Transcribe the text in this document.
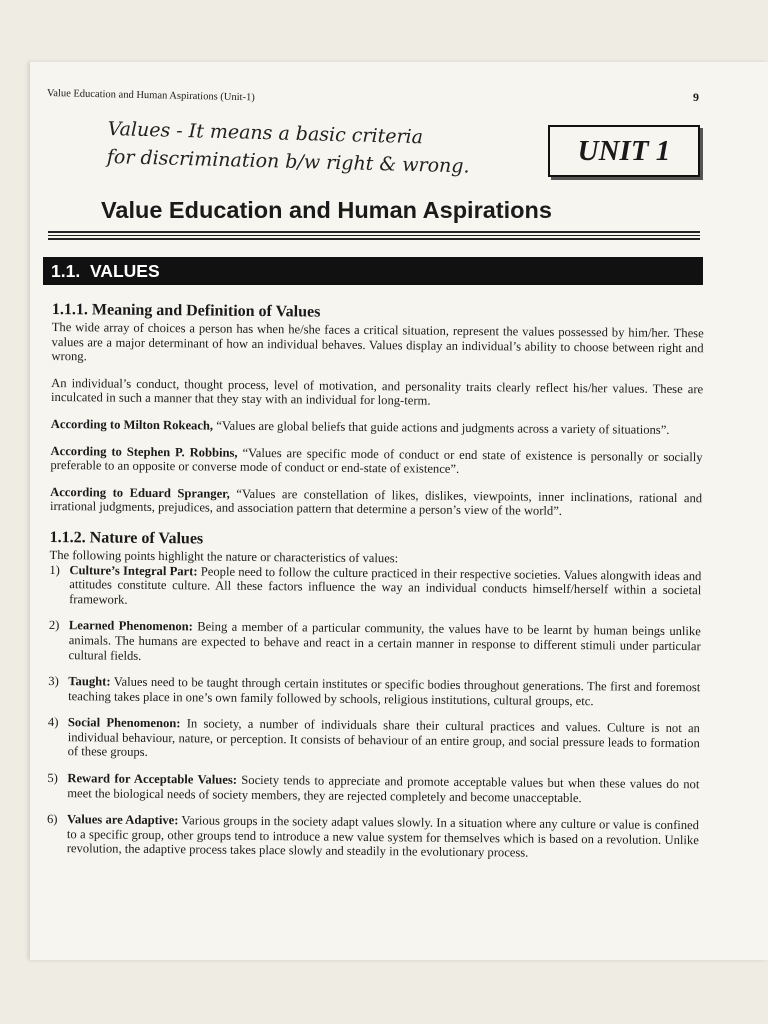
Value Education and Human Aspirations (Unit-1)	9
Values - It means a basic criteria
for discrimination b/w right & wrong.	UNIT 1
Value Education and Human Aspirations
1.1. VALUES
1.1.1. Meaning and Definition of Values

The wide array of choices a person has when he/she faces a critical situation, represent the values possessed by him/her. These values are a major determinant of how an individual behaves. Values display an individual’s ability to choose between right and wrong.

An individual’s conduct, thought process, level of motivation, and personality traits clearly reflect his/her values. These are inculcated in such a manner that they stay with an individual for long-term.

According to Milton Rokeach, “Values are global beliefs that guide actions and judgments across a variety of situations”.

According to Stephen P. Robbins, “Values are specific mode of conduct or end state of existence is personally or socially preferable to an opposite or converse mode of conduct or end-state of existence”.

According to Eduard Spranger, “Values are constellation of likes, dislikes, viewpoints, inner inclinations, rational and irrational judgments, prejudices, and association pattern that determine a person’s view of the world”.

1.1.2. Nature of Values

The following points highlight the nature or characteristics of values:

1) Culture’s Integral Part: People need to follow the culture practiced in their respective societies. Values alongwith ideas and attitudes constitute culture. All these factors influence the way an individual conducts himself/herself within a societal framework.
2) Learned Phenomenon: Being a member of a particular community, the values have to be learnt by human beings unlike animals. The humans are expected to behave and react in a certain manner in response to different stimuli under particular cultural fields.
3) Taught: Values need to be taught through certain institutes or specific bodies throughout generations. The first and foremost teaching takes place in one’s own family followed by schools, religious institutions, cultural groups, etc.
4) Social Phenomenon: In society, a number of individuals share their cultural practices and values. Culture is not an individual behaviour, nature, or perception. It consists of behaviour of an entire group, and social pressure leads to formation of these groups.
5) Reward for Acceptable Values: Society tends to appreciate and promote acceptable values but when these values do not meet the biological needs of society members, they are rejected completely and become unacceptable.
6) Values are Adaptive: Various groups in the society adapt values slowly. In a situation where any culture or value is confined to a specific group, other groups tend to introduce a new value system for themselves which is based on a revolution. Unlike revolution, the adaptive process takes place slowly and steadily in the evolutionary process.
